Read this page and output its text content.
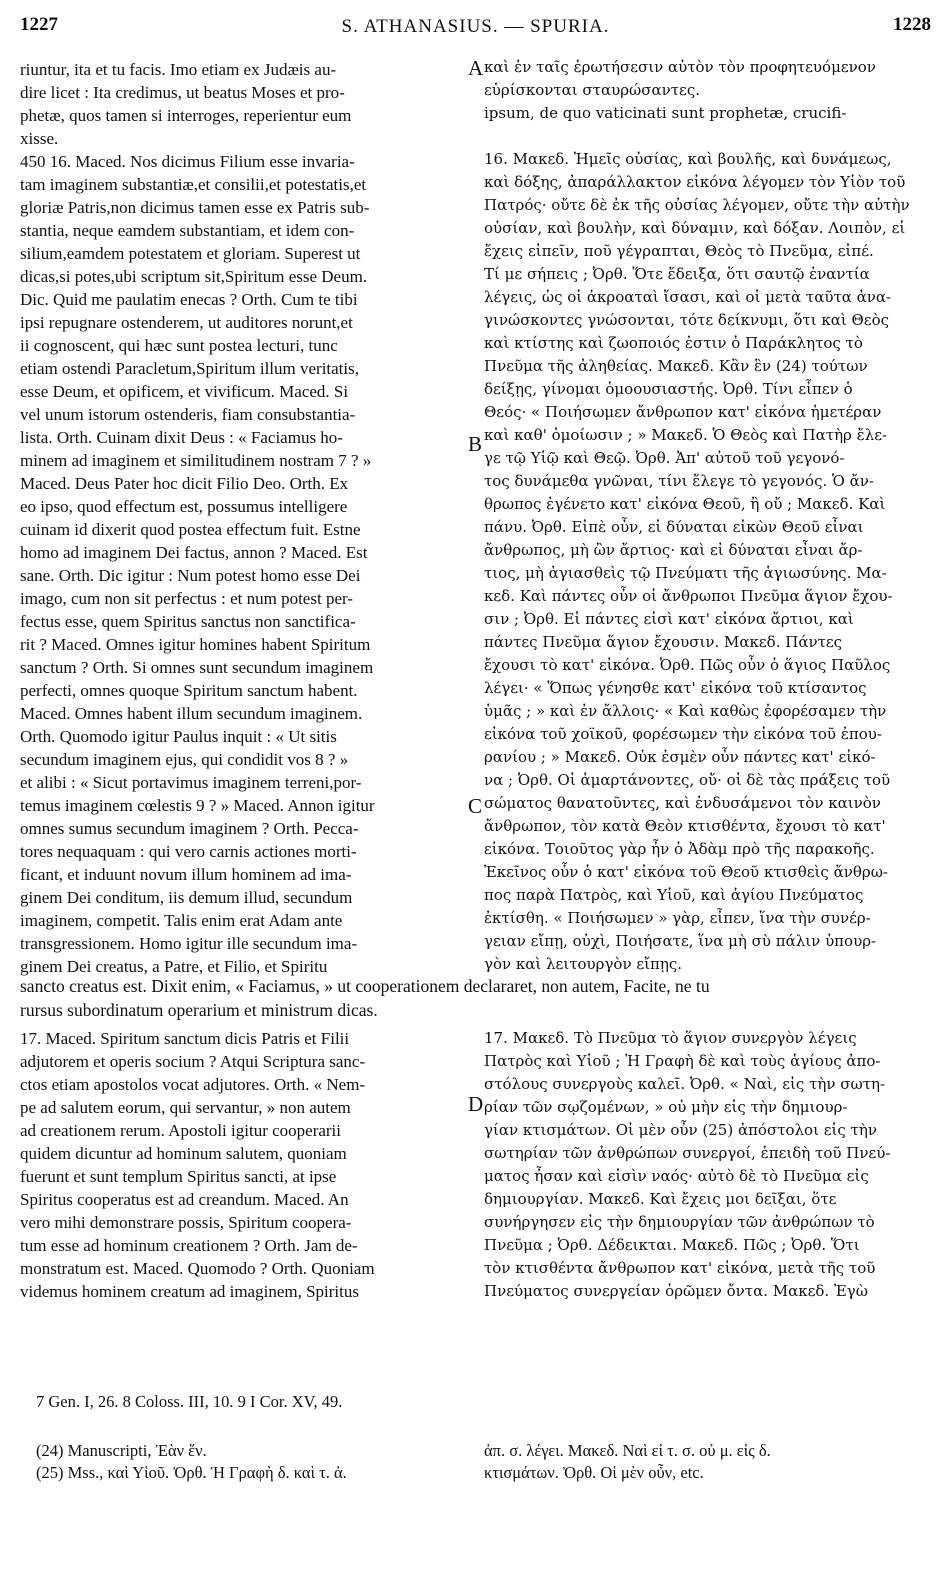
1227	S. ATHANASIUS. — SPURIA.	1228
riuntur, ita et tu facis. Imo etiam ex Judæis au-
dire licet : Ita credimus, ut beatus Moses et pro-
phetæ, quos tamen si interroges, reperientur eum
xisse.
450 16. Maced. Nos dicimus Filium esse invaria-
tam imaginem substantiæ,et consilii,et potestatis,et
gloriæ Patris,non dicimus tamen esse ex Patris sub-
stantia, neque eamdem substantiam, et idem con-
silium,eamdem potestatem et gloriam. Superest ut
dicas,si potes,ubi scriptum sit,Spiritum esse Deum.
Dic. Quid me paulatim enecas ? Orth. Cum te tibi
ipsi repugnare ostenderem, ut auditores norunt,et
ii cognoscent, qui hæc sunt postea lecturi, tunc
etiam ostendi Paracletum,Spiritum illum veritatis,
esse Deum, et opificem, et vivificum. Maced. Si
vel unum istorum ostenderis, fiam consubstantia-
lista. Orth. Cuinam dixit Deus : « Faciamus ho-
minem ad imaginem et similitudinem nostram 7 ? »
Maced. Deus Pater hoc dicit Filio Deo. Orth. Ex
eo ipso, quod effectum est, possumus intelligere
cuinam id dixerit quod postea effectum fuit. Estne
homo ad imaginem Dei factus, annon ? Maced. Est
sane. Orth. Dic igitur : Num potest homo esse Dei
imago, cum non sit perfectus : et num potest per-
fectus esse, quem Spiritus sanctus non sanctifica-
rit ? Maced. Omnes igitur homines habent Spiritum
sanctum ? Orth. Si omnes sunt secundum imaginem
perfecti, omnes quoque Spiritum sanctum habent.
Maced. Omnes habent illum secundum imaginem.
Orth. Quomodo igitur Paulus inquit : « Ut sitis
secundum imaginem ejus, qui condidit vos 8 ? »
et alibi : « Sicut portavimus imaginem terreni,por-
temus imaginem cœlestis 9 ? » Maced. Annon igitur
omnes sumus secundum imaginem ? Orth. Pecca-
tores nequaquam : qui vero carnis actiones morti-
ficant, et induunt novum illum hominem ad ima-
ginem Dei conditum, iis demum illud, secundum
imaginem, competit. Talis enim erat Adam ante
transgressionem. Homo igitur ille secundum ima-
ginem Dei creatus, a Patre, et Filio, et Spiritu
καὶ ἐν ταῖς ἐρωτήσεσιν αὐτὸν τὸν προφητευόμενον
εὑρίσκονται σταυρώσαντες.
ipsum, de quo vaticinati sunt prophetæ, crucifi-

16. Μακεδ. Ἡμεῖς οὐσίας, καὶ βουλῆς, καὶ δυνάμεως,
καὶ δόξης, ἀπαράλλακτον εἰκόνα λέγομεν τὸν Υἱὸν τοῦ
Πατρός· οὔτε δὲ ἐκ τῆς οὐσίας λέγομεν, οὔτε τὴν αὐτὴν
οὐσίαν, καὶ βουλὴν, καὶ δύναμιν, καὶ δόξαν. Λοιπὸν, εἰ
ἔχεις εἰπεῖν, ποῦ γέγραπται, Θεὸς τὸ Πνεῦμα, εἰπέ.
Τί με σήπεις ; Ὀρθ. Ὅτε ἔδειξα, ὅτι σαυτῷ ἐναντία
λέγεις, ὡς οἱ ἀκροαταὶ ἴσασι, καὶ οἱ μετὰ ταῦτα ἀνα-
γινώσκοντες γνώσονται, τότε δείκνυμι, ὅτι καὶ Θεὸς
καὶ κτίστης καὶ ζωοποιός ἐστιν ὁ Παράκλητος τὸ
Πνεῦμα τῆς ἀληθείας. Μακεδ. Κἂν ἓν (24) τούτων
δείξῃς, γίνομαι ὁμοουσιαστής. Ὀρθ. Τίνι εἶπεν ὁ
Θεός· « Ποιήσωμεν ἄνθρωπον κατ' εἰκόνα ἡμετέραν
καὶ καθ' ὁμοίωσιν ; » Μακεδ. Ὁ Θεὸς καὶ Πατὴρ ἔλε-
γε τῷ Υἱῷ καὶ Θεῷ. Ὀρθ. Ἀπ' αὐτοῦ τοῦ γεγονό-
τος δυνάμεθα γνῶναι, τίνι ἔλεγε τὸ γεγονός. Ὁ ἄν-
θρωπος ἐγένετο κατ' εἰκόνα Θεοῦ, ἢ οὔ ; Μακεδ. Καὶ
πάνυ. Ὀρθ. Εἰπὲ οὖν, εἰ δύναται εἰκὼν Θεοῦ εἶναι
ἄνθρωπος, μὴ ὢν ἄρτιος· καὶ εἰ δύναται εἶναι ἄρ-
τιος, μὴ ἁγιασθεὶς τῷ Πνεύματι τῆς ἁγιωσύνης. Μα-
κεδ. Καὶ πάντες οὖν οἱ ἄνθρωποι Πνεῦμα ἅγιον ἔχου-
σιν ; Ὀρθ. Εἰ πάντες εἰσὶ κατ' εἰκόνα ἄρτιοι, καὶ
πάντες Πνεῦμα ἅγιον ἔχουσιν. Μακεδ. Πάντες
ἔχουσι τὸ κατ' εἰκόνα. Ὀρθ. Πῶς οὖν ὁ ἅγιος Παῦλος
λέγει· « Ὅπως γένησθε κατ' εἰκόνα τοῦ κτίσαντος
ὑμᾶς ; » καὶ ἐν ἄλλοις· « Καὶ καθὼς ἐφορέσαμεν τὴν
εἰκόνα τοῦ χοϊκοῦ, φορέσωμεν τὴν εἰκόνα τοῦ ἐπου-
ρανίου ; » Μακεδ. Οὐκ ἐσμὲν οὖν πάντες κατ' εἰκό-
να ; Ὀρθ. Οἱ ἁμαρτάνοντες, οὔ· οἱ δὲ τὰς πράξεις τοῦ
σώματος θανατοῦντες, καὶ ἐνδυσάμενοι τὸν καινὸν
ἄνθρωπον, τὸν κατὰ Θεὸν κτισθέντα, ἔχουσι τὸ κατ'
εἰκόνα. Τοιοῦτος γὰρ ἦν ὁ Ἀδὰμ πρὸ τῆς παρακοῆς.
Ἐκεῖνος οὖν ὁ κατ' εἰκόνα τοῦ Θεοῦ κτισθεὶς ἄνθρω-
πος παρὰ Πατρὸς, καὶ Υἱοῦ, καὶ ἁγίου Πνεύματος
ἐκτίσθη. « Ποιήσωμεν » γὰρ, εἶπεν, ἵνα τὴν συνέρ-
γειαν εἴπῃ, οὐχὶ, Ποιήσατε, ἵνα μὴ σὺ πάλιν ὑπουρ-
γὸν καὶ λειτουργὸν εἴπῃς.
sancto creatus est. Dixit enim, « Faciamus, » ut cooperationem declararet, non autem, Facite, ne tu
rursus subordinatum operarium et ministrum dicas.
17. Maced. Spiritum sanctum dicis Patris et Filii
adjutorem et operis socium ? Atqui Scriptura sanc-
ctos etiam apostolos vocat adjutores. Orth. « Nem-
pe ad salutem eorum, qui servantur, » non autem
ad creationem rerum. Apostoli igitur cooperarii
quidem dicuntur ad hominum salutem, quoniam
fuerunt et sunt templum Spiritus sancti, at ipse
Spiritus cooperatus est ad creandum. Maced. An
vero mihi demonstrare possis, Spiritum coopera-
tum esse ad hominum creationem ? Orth. Jam de-
monstratum est. Maced. Quomodo ? Orth. Quoniam
videmus hominem creatum ad imaginem, Spiritus
17. Μακεδ. Τὸ Πνεῦμα τὸ ἅγιον συνεργὸν λέγεις
Πατρὸς καὶ Υἱοῦ ; Ἡ Γραφὴ δὲ καὶ τοὺς ἁγίους ἀπο-
στόλους συνεργοὺς καλεῖ. Ὀρθ. « Ναὶ, εἰς τὴν σωτη-
ρίαν τῶν σῳζομένων, » οὐ μὴν εἰς τὴν δημιουρ-
γίαν κτισμάτων. Οἱ μὲν οὖν (25) ἀπόστολοι εἰς τὴν
σωτηρίαν τῶν ἀνθρώπων συνεργοί, ἐπειδὴ τοῦ Πνεύ-
ματος ἦσαν καὶ εἰσὶν ναός· αὐτὸ δὲ τὸ Πνεῦμα εἰς
δημιουργίαν. Μακεδ. Καὶ ἔχεις μοι δεῖξαι, ὅτε
συνήργησεν εἰς τὴν δημιουργίαν τῶν ἀνθρώπων τὸ
Πνεῦμα ; Ὀρθ. Δέδεικται. Μακεδ. Πῶς ; Ὀρθ. Ὅτι
τὸν κτισθέντα ἄνθρωπον κατ' εἰκόνα, μετὰ τῆς τοῦ
Πνεύματος συνεργείαν ὁρῶμεν ὄντα. Μακεδ. Ἐγὼ
A
B
C
D
7 Gen. I, 26. 8 Coloss. III, 10. 9 I Cor. XV, 49.
(24) Manuscripti, Ἐὰν ἕν.
(25) Mss., καὶ Υἱοῦ. Ὀρθ. Ἡ Γραφὴ δ. καὶ τ. ἀ.
ἀπ. σ. λέγει. Μακεδ. Ναὶ εἰ τ. σ. οὐ μ. εἰς δ.
κτισμάτων. Ὀρθ. Οἱ μὲν οὖν, etc.
